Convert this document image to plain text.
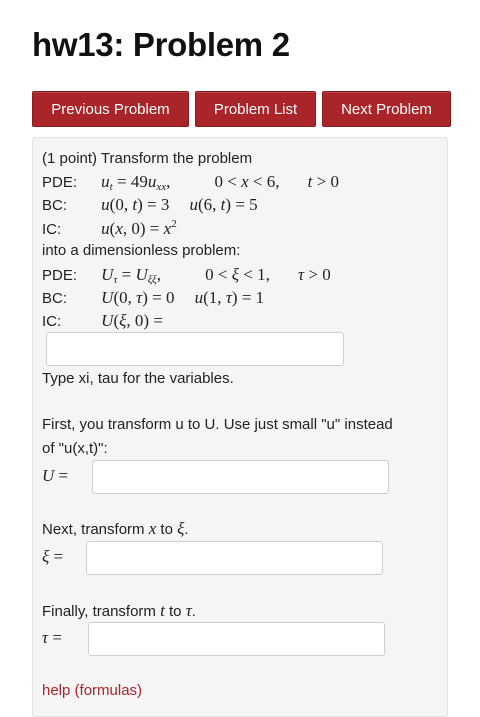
hw13: Problem 2
Previous Problem	Problem List	Next Problem
(1 point) Transform the problem
PDE: $u_t = 49u_{xx}$,	0 < x < 6, t > 0
BC: u(0, t) = 3 u(6, t) = 5
IC: u(x, $0) = x^2$
into a dimensionless problem:
PDE: $U_\tau = U_{\xi\xi}$,	0 < ξ < 1, τ > 0
BC: U(0, τ) = 0 u(1, τ) = 1
IC: U(ξ, 0) =
Type xi, tau for the variables.
First, you transform u to U. Use just small "u" instead
of "u(x,t)":
U =
Next, transform x to ξ.
ξ =
Finally, transform t to τ.
τ =
help (formulas)
